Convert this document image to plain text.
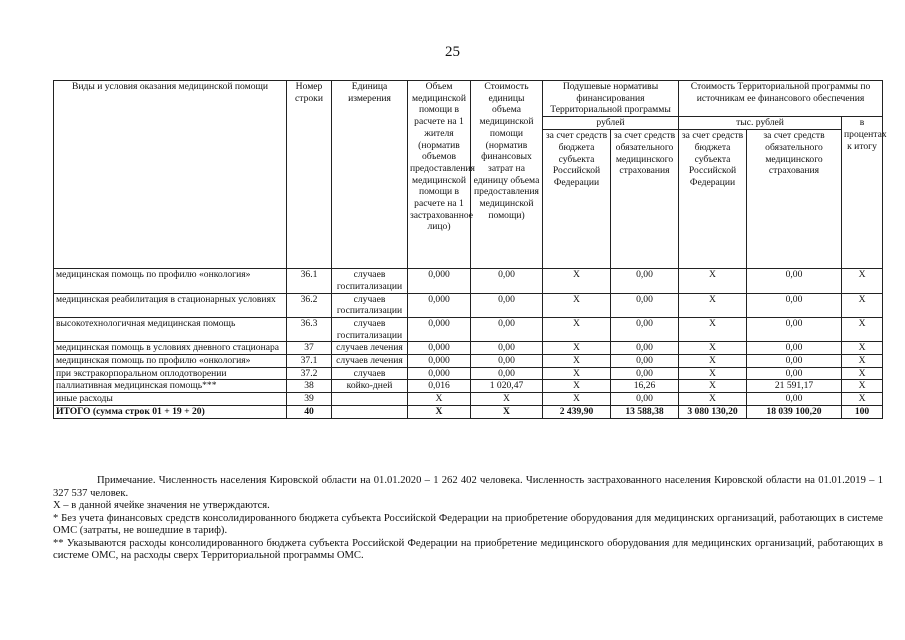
25
Виды и условия оказания медицинской помощи	Номер строки	Единица измерения	Объем медицинской помощи в расчете на 1 жителя (норматив объемов предоставления медицинской помощи в расчете на 1 застрахованное лицо)	Стоимость единицы объема медицинской помощи (норматив финансовых затрат на единицу объема предоставления медицинской помощи)	Подушевые нормативы финансирования Территориальной программы		Стоимость Территориальной программы по источникам ее финансового обеспечения		
					рублей		тыс. рублей		в процентах к итогу
					за счет средств бюджета субъекта Российской Федерации	за счет средств обязательного медицинского страхования	за счет средств бюджета субъекта Российской Федерации	за счет средств обязательного медицинского страхования	
медицинская помощь по профилю «онкология»	36.1	случаев госпитализации	0,000	0,00	Х	0,00	Х	0,00	Х
медицинская реабилитация в стационарных условиях	36.2	случаев госпитализации	0,000	0,00	Х	0,00	Х	0,00	Х
высокотехнологичная медицинская помощь	36.3	случаев госпитализации	0,000	0,00	Х	0,00	Х	0,00	Х
медицинская помощь в условиях дневного стационара	37	случаев лечения	0,000	0,00	Х	0,00	Х	0,00	Х
медицинская помощь по профилю «онкология»	37.1	случаев лечения	0,000	0,00	Х	0,00	Х	0,00	Х
при экстракорпоральном оплодотворении	37.2	случаев	0,000	0,00	Х	0,00	Х	0,00	Х
паллиативная медицинская помощь***	38	койко-дней	0,016	1 020,47	Х	16,26	Х	21 591,17	Х
иные расходы	39		Х	Х	Х	0,00	Х	0,00	Х
ИТОГО (сумма строк 01 + 19 + 20)	40		Х	Х	2 439,90	13 588,38	3 080 130,20	18 039 100,20	100

Примечание. Численность населения Кировской области на 01.01.2020 – 1 262 402 человека. Численность застрахованного населения Кировской области на 01.01.2019 – 1 327 537 человек.

Х – в данной ячейке значения не утверждаются.

* Без учета финансовых средств консолидированного бюджета субъекта Российской Федерации на приобретение оборудования для медицинских организаций, работающих в системе ОМС (затраты, не вошедшие в тариф).

** Указываются расходы консолидированного бюджета субъекта Российской Федерации на приобретение медицинского оборудования для медицинских организаций, работающих в системе ОМС, на расходы сверх Территориальной программы ОМС.
